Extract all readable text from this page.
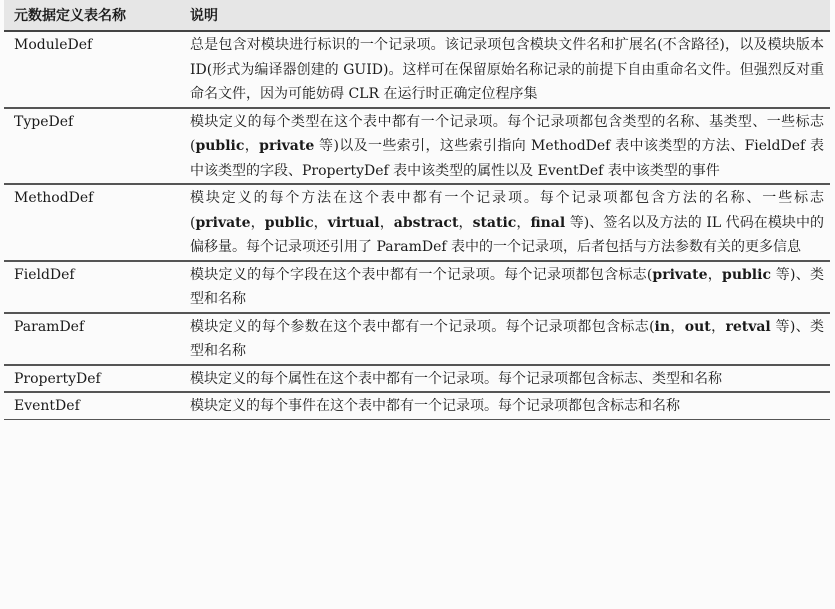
元数据定义表名称	说明
ModuleDef	总是包含对模块进行标识的一个记录项。该记录项包含模块文件名和扩展名(不含路径)，以及模块版本 ID(形式为编译器创建的 GUID)。这样可在保留原始名称记录的前提下自由重命名文件。但强烈反对重命名文件，因为可能妨碍 CLR 在运行时正确定位程序集
TypeDef	模块定义的每个类型在这个表中都有一个记录项。每个记录项都包含类型的名称、基类型、一些标志(public，private 等)以及一些索引，这些索引指向 MethodDef 表中该类型的方法、FieldDef 表中该类型的字段、PropertyDef 表中该类型的属性以及 EventDef 表中该类型的事件
MethodDef	模块定义的每个方法在这个表中都有一个记录项。每个记录项都包含方法的名称、一些标志(private，public，virtual，abstract，static，final 等)、签名以及方法的 IL 代码在模块中的偏移量。每个记录项还引用了 ParamDef 表中的一个记录项，后者包括与方法参数有关的更多信息
FieldDef	模块定义的每个字段在这个表中都有一个记录项。每个记录项都包含标志(private，public 等)、类型和名称
ParamDef	模块定义的每个参数在这个表中都有一个记录项。每个记录项都包含标志(in，out，retval 等)、类型和名称
PropertyDef	模块定义的每个属性在这个表中都有一个记录项。每个记录项都包含标志、类型和名称
EventDef	模块定义的每个事件在这个表中都有一个记录项。每个记录项都包含标志和名称
